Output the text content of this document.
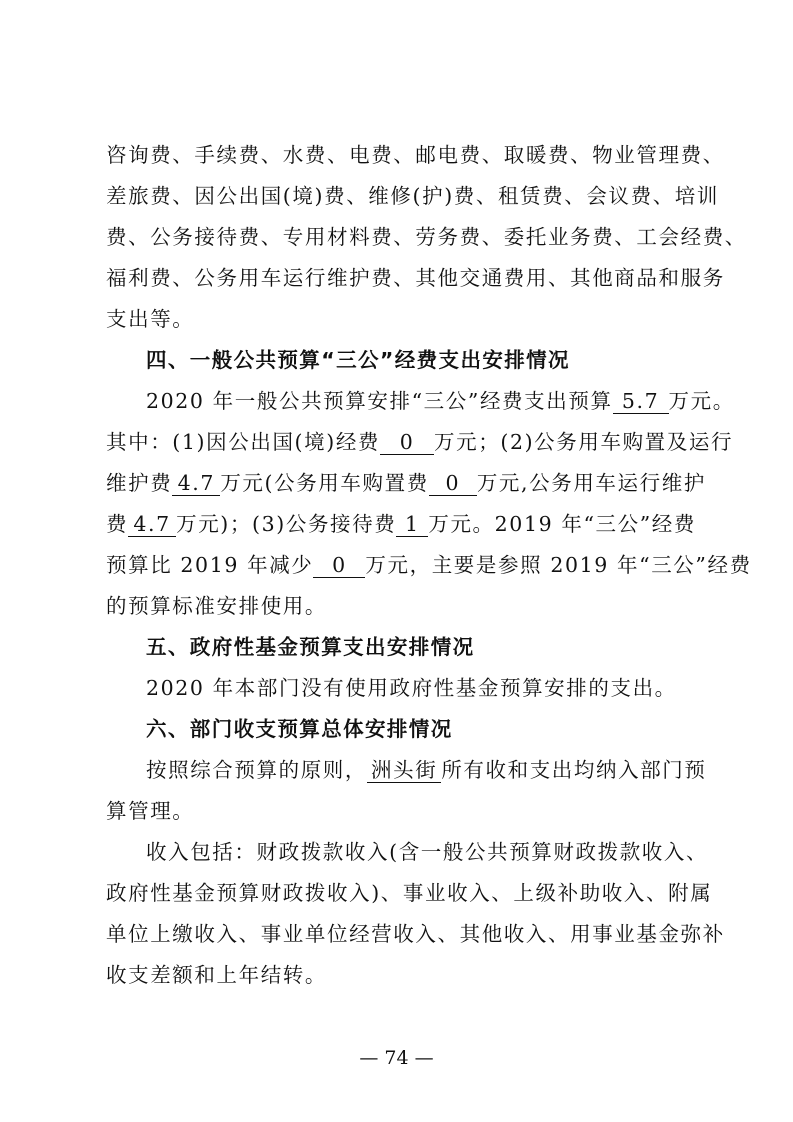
咨询费、手续费、水费、电费、邮电费、取暖费、物业管理费、
差旅费、因公出国(境)费、维修(护)费、租赁费、会议费、培训
费、公务接待费、专用材料费、劳务费、委托业务费、工会经费、
福利费、公务用车运行维护费、其他交通费用、其他商品和服务
支出等。
四、一般公共预算“三公”经费支出安排情况
2020 年一般公共预算安排“三公”经费支出预算 5.7 万元。
其中：(1)因公出国(境)经费 0 万元；(2)公务用车购置及运行
维护费 4.7 万元(公务用车购置费 0 万元,公务用车运行维护
费 4.7 万元)；(3)公务接待费 1 万元。2019 年“三公”经费
预算比 2019 年减少 0 万元，主要是参照 2019 年“三公”经费
的预算标准安排使用。
五、政府性基金预算支出安排情况
2020 年本部门没有使用政府性基金预算安排的支出。
六、部门收支预算总体安排情况
按照综合预算的原则， 洲头街 所有收和支出均纳入部门预
算管理。
收入包括：财政拨款收入(含一般公共预算财政拨款收入、
政府性基金预算财政拨收入)、事业收入、上级补助收入、附属
单位上缴收入、事业单位经营收入、其他收入、用事业基金弥补
收支差额和上年结转。
— 74 —
